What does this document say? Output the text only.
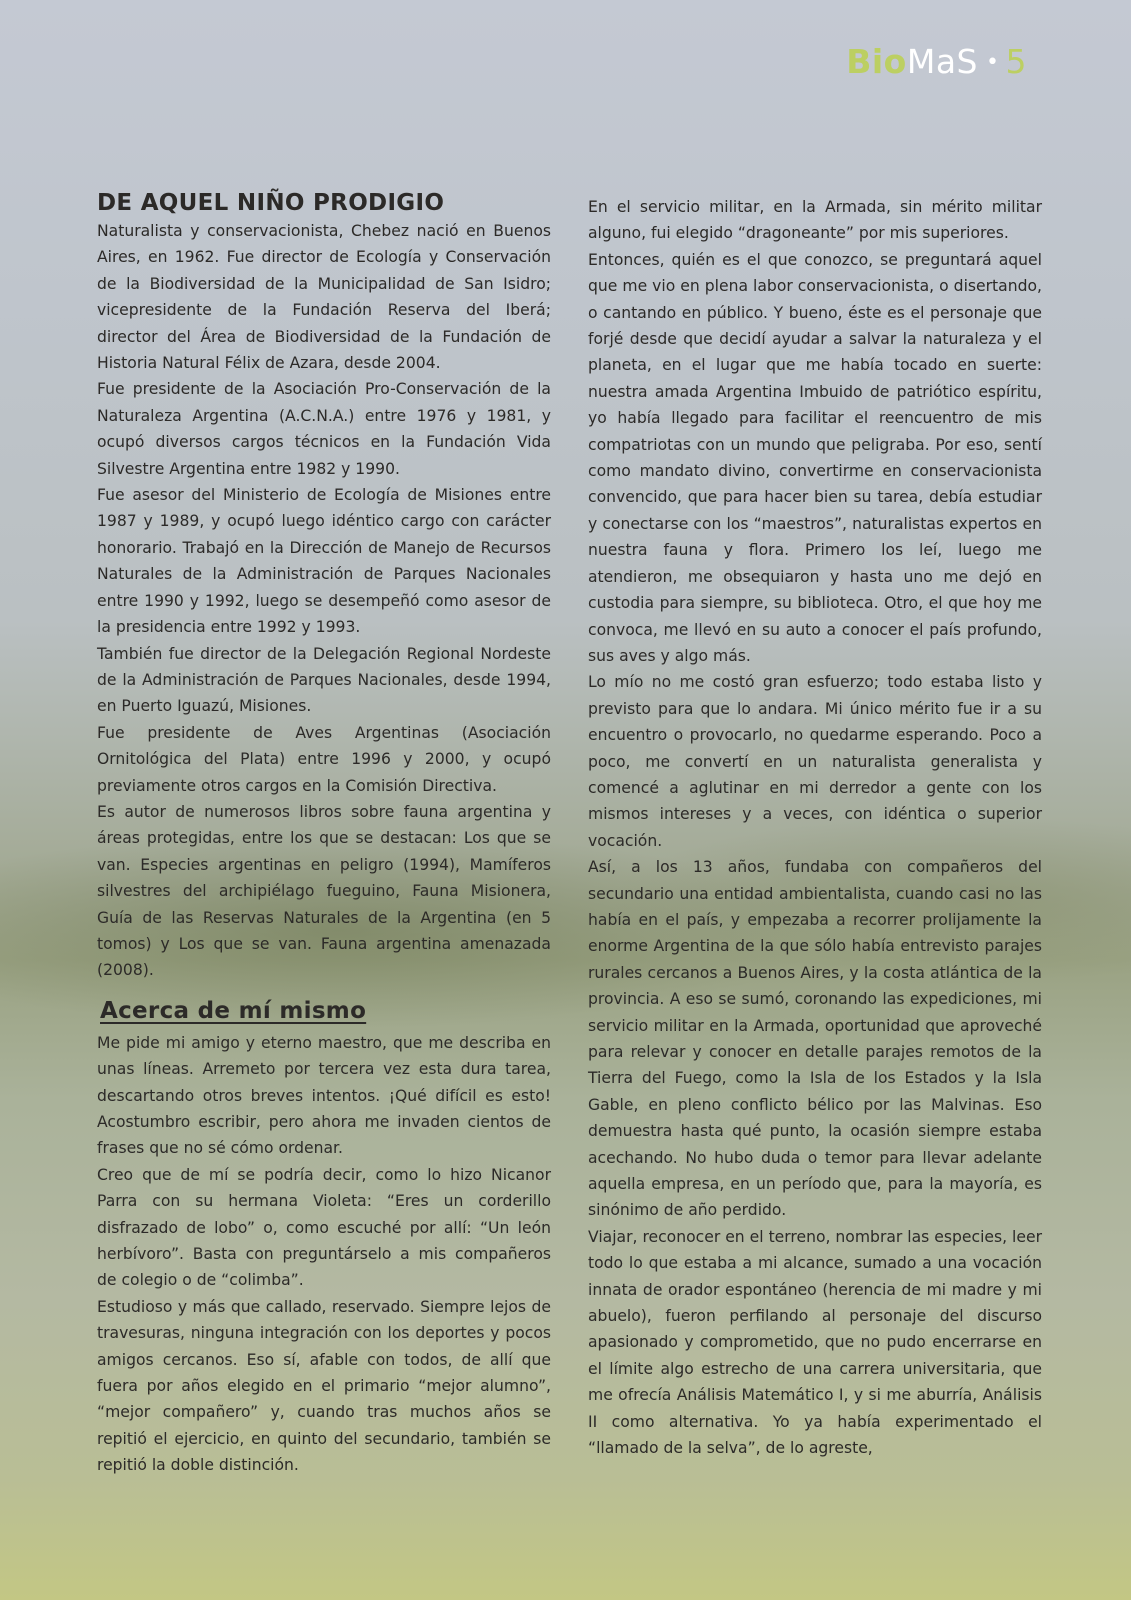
Bio MaS • 5
DE AQUEL NIÑO PRODIGIO

Naturalista y conservacionista, Chebez nació en Buenos Aires, en 1962. Fue director de Ecología y Conservación de la Biodiversidad de la Municipalidad de San Isidro; vicepresidente de la Fundación Reserva del Iberá; director del Área de Biodiversidad de la Fundación de Historia Natural Félix de Azara, desde 2004.

Fue presidente de la Asociación Pro-Conservación de la Naturaleza Argentina (A.C.N.A.) entre 1976 y 1981, y ocupó diversos cargos técnicos en la Fundación Vida Silvestre Argentina entre 1982 y 1990.

Fue asesor del Ministerio de Ecología de Misiones entre 1987 y 1989, y ocupó luego idéntico cargo con carácter honorario. Trabajó en la Dirección de Manejo de Recursos Naturales de la Administración de Parques Nacionales entre 1990 y 1992, luego se desempeñó como asesor de la presidencia entre 1992 y 1993.

También fue director de la Delegación Regional Nordeste de la Administración de Parques Nacionales, desde 1994, en Puerto Iguazú, Misiones.

Fue presidente de Aves Argentinas (Asociación Ornitológica del Plata) entre 1996 y 2000, y ocupó previamente otros cargos en la Comisión Directiva.

Es autor de numerosos libros sobre fauna argentina y áreas protegidas, entre los que se destacan: Los que se van. Especies argentinas en peligro (1994), Mamíferos silvestres del archipiélago fueguino, Fauna Misionera, Guía de las Reservas Naturales de la Argentina (en 5 tomos) y Los que se van. Fauna argentina amenazada (2008).

Acerca de mí mismo

Me pide mi amigo y eterno maestro, que me describa en unas líneas. Arremeto por tercera vez esta dura tarea, descartando otros breves intentos. ¡Qué difícil es esto! Acostumbro escribir, pero ahora me invaden cientos de frases que no sé cómo ordenar.

Creo que de mí se podría decir, como lo hizo Nicanor Parra con su hermana Violeta: “Eres un corderillo disfrazado de lobo” o, como escuché por allí: “Un león herbívoro”. Basta con preguntárselo a mis compañeros de colegio o de “colimba”.

Estudioso y más que callado, reservado. Siempre lejos de travesuras, ninguna integración con los deportes y pocos amigos cercanos. Eso sí, afable con todos, de allí que fuera por años elegido en el primario “mejor alumno”, “mejor compañero” y, cuando tras muchos años se repitió el ejercicio, en quinto del secundario, también se repitió la doble distinción.

En el servicio militar, en la Armada, sin mérito militar alguno, fui elegido “dragoneante” por mis superiores.

Entonces, quién es el que conozco, se preguntará aquel que me vio en plena labor conservacionista, o disertando, o cantando en público. Y bueno, éste es el personaje que forjé desde que decidí ayudar a salvar la naturaleza y el planeta, en el lugar que me había tocado en suerte: nuestra amada Argentina Imbuido de patriótico espíritu, yo había llegado para facilitar el reencuentro de mis compatriotas con un mundo que peligraba. Por eso, sentí como mandato divino, convertirme en conservacionista convencido, que para hacer bien su tarea, debía estudiar y conectarse con los “maestros”, naturalistas expertos en nuestra fauna y flora. Primero los leí, luego me atendieron, me obsequiaron y hasta uno me dejó en custodia para siempre, su biblioteca. Otro, el que hoy me convoca, me llevó en su auto a conocer el país profundo, sus aves y algo más.

Lo mío no me costó gran esfuerzo; todo estaba listo y previsto para que lo andara. Mi único mérito fue ir a su encuentro o provocarlo, no quedarme esperando. Poco a poco, me convertí en un naturalista generalista y comencé a aglutinar en mi derredor a gente con los mismos intereses y a veces, con idéntica o superior vocación.

Así, a los 13 años, fundaba con compañeros del secundario una entidad ambientalista, cuando casi no las había en el país, y empezaba a recorrer prolijamente la enorme Argentina de la que sólo había entrevisto parajes rurales cercanos a Buenos Aires, y la costa atlántica de la provincia. A eso se sumó, coronando las expediciones, mi servicio militar en la Armada, oportunidad que aproveché para relevar y conocer en detalle parajes remotos de la Tierra del Fuego, como la Isla de los Estados y la Isla Gable, en pleno conflicto bélico por las Malvinas. Eso demuestra hasta qué punto, la ocasión siempre estaba acechando. No hubo duda o temor para llevar adelante aquella empresa, en un período que, para la mayoría, es sinónimo de año perdido.

Viajar, reconocer en el terreno, nombrar las especies, leer todo lo que estaba a mi alcance, sumado a una vocación innata de orador espontáneo (herencia de mi madre y mi abuelo), fueron perfilando al personaje del discurso apasionado y comprometido, que no pudo encerrarse en el límite algo estrecho de una carrera universitaria, que me ofrecía Análisis Matemático I, y si me aburría, Análisis II como alternativa. Yo ya había experimentado el “llamado de la selva”, de lo agreste,
